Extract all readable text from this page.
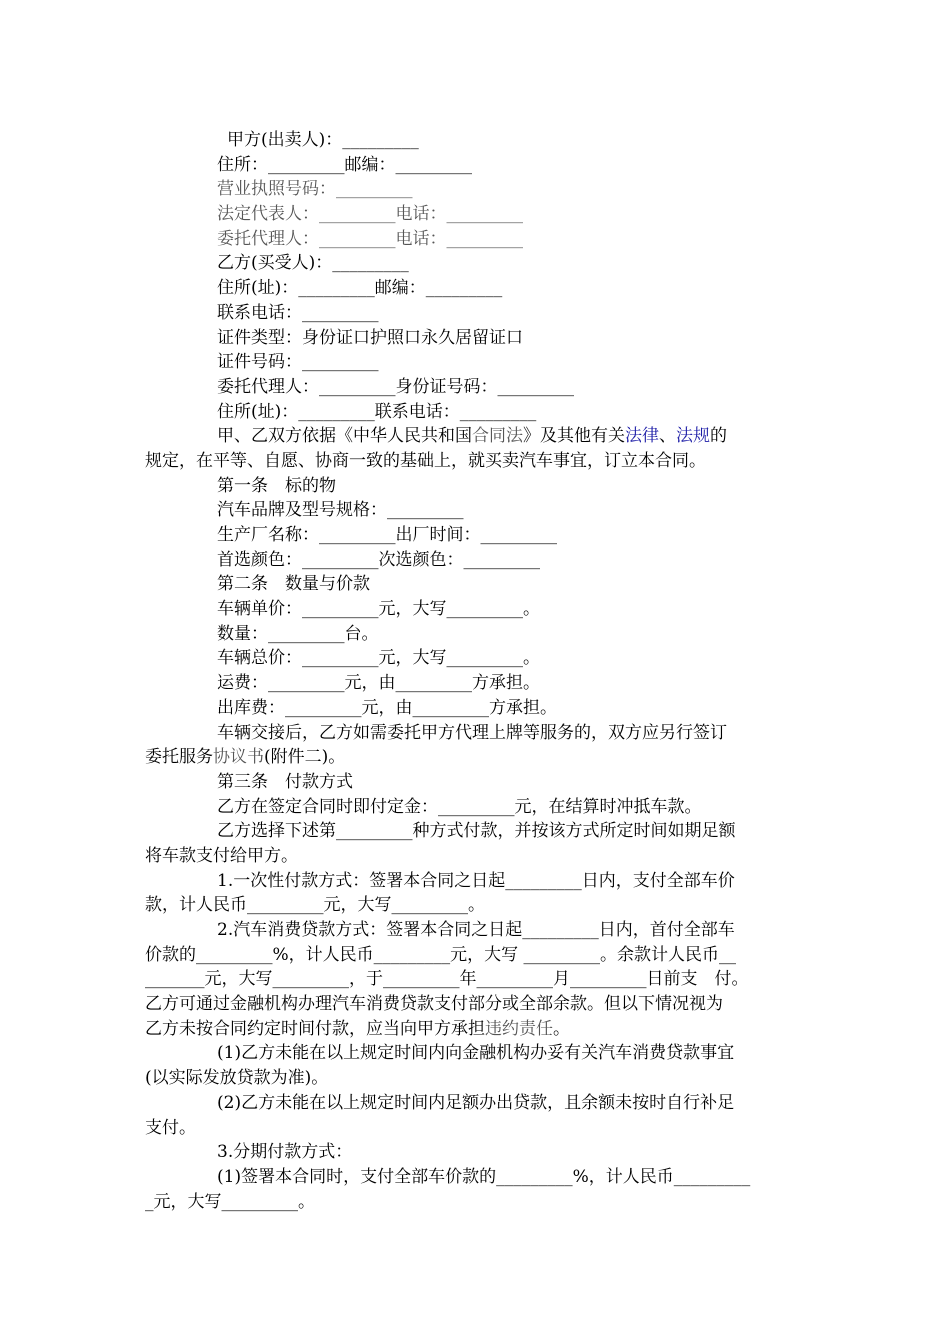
甲方(出卖人)：_________
住所：_________邮编：_________
营业执照号码：_________
法定代表人：_________电话：_________
委托代理人：_________电话：_________
乙方(买受人)：_________
住所(址)：_________邮编：_________
联系电话：_________
证件类型：身份证口护照口永久居留证口
证件号码：_________
委托代理人：_________身份证号码：_________
住所(址)：_________联系电话：_________
甲、乙双方依据《中华人民共和国合同法》及其他有关法律、法规的
规定，在平等、自愿、协商一致的基础上，就买卖汽车事宜，订立本合同。
第一条　标的物
汽车品牌及型号规格：_________
生产厂名称：_________出厂时间：_________
首选颜色：_________次选颜色：_________
第二条　数量与价款
车辆单价：_________元，大写_________。
数量：_________台。
车辆总价：_________元，大写_________。
运费：_________元，由_________方承担。
出库费：_________元，由_________方承担。
车辆交接后，乙方如需委托甲方代理上牌等服务的，双方应另行签订
委托服务协议书(附件二)。
第三条　付款方式
乙方在签定合同时即付定金：_________元，在结算时冲抵车款。
乙方选择下述第_________种方式付款，并按该方式所定时间如期足额
将车款支付给甲方。
1.一次性付款方式：签署本合同之日起_________日内，支付全部车价
款，计人民币_________元，大写_________。
2.汽车消费贷款方式：签署本合同之日起_________日内，首付全部车
价款的_________%，计人民币_________元，大写 _________。余款计人民币__
_______元，大写_________，于_________年_________月_________日前支　付。
乙方可通过金融机构办理汽车消费贷款支付部分或全部余款。但以下情况视为
乙方未按合同约定时间付款，应当向甲方承担违约责任。
(1)乙方未能在以上规定时间内向金融机构办妥有关汽车消费贷款事宜
(以实际发放贷款为准)。
(2)乙方未能在以上规定时间内足额办出贷款，且余额未按时自行补足
支付。
3.分期付款方式：
(1)签署本合同时，支付全部车价款的_________%，计人民币_________
_元，大写_________。
